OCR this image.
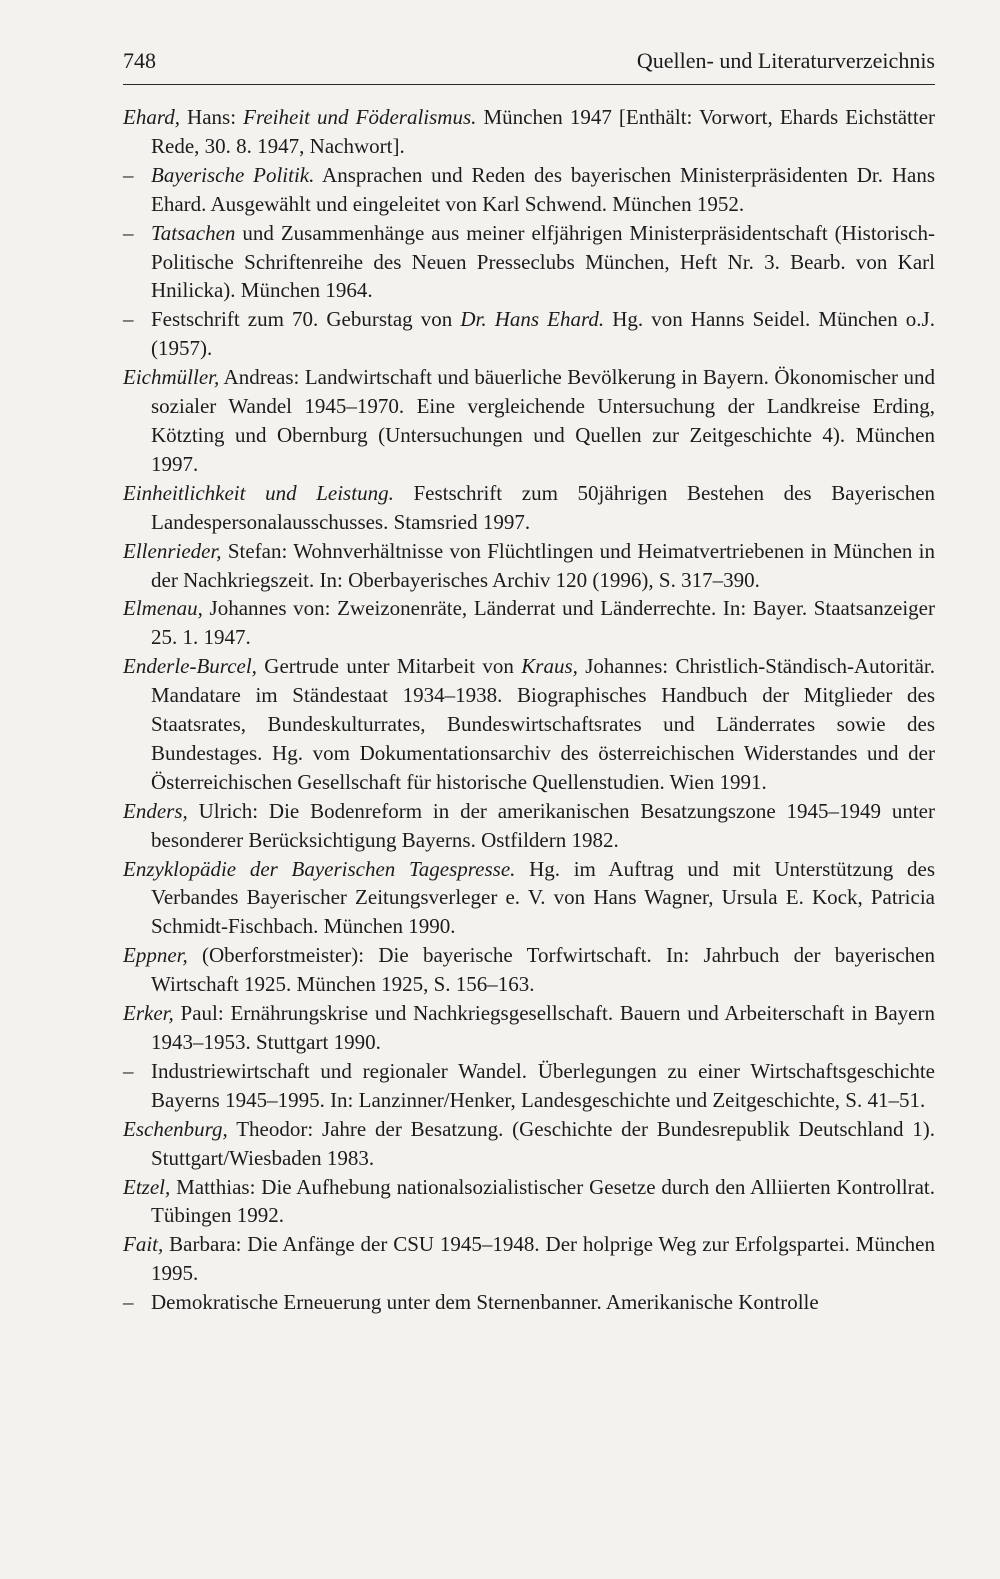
748	Quellen- und Literaturverzeichnis

Ehard, Hans: Freiheit und Föderalismus. München 1947 [Enthält: Vorwort, Ehards Eichstätter Rede, 30. 8. 1947, Nachwort].

– Bayerische Politik. Ansprachen und Reden des bayerischen Ministerpräsidenten Dr. Hans Ehard. Ausgewählt und eingeleitet von Karl Schwend. München 1952.

– Tatsachen und Zusammenhänge aus meiner elfjährigen Ministerpräsidentschaft (Historisch-Politische Schriftenreihe des Neuen Presseclubs München, Heft Nr. 3. Bearb. von Karl Hnilicka). München 1964.

– Festschrift zum 70. Geburstag von Dr. Hans Ehard. Hg. von Hanns Seidel. München o.J. (1957).

Eichmüller, Andreas: Landwirtschaft und bäuerliche Bevölkerung in Bayern. Ökonomischer und sozialer Wandel 1945–1970. Eine vergleichende Untersuchung der Landkreise Erding, Kötzting und Obernburg (Untersuchungen und Quellen zur Zeitgeschichte 4). München 1997.

Einheitlichkeit und Leistung. Festschrift zum 50jährigen Bestehen des Bayerischen Landespersonalausschusses. Stamsried 1997.

Ellenrieder, Stefan: Wohnverhältnisse von Flüchtlingen und Heimatvertriebenen in München in der Nachkriegszeit. In: Oberbayerisches Archiv 120 (1996), S. 317–390.

Elmenau, Johannes von: Zweizonenräte, Länderrat und Länderrechte. In: Bayer. Staatsanzeiger 25. 1. 1947.

Enderle-Burcel, Gertrude unter Mitarbeit von Kraus, Johannes: Christlich-Ständisch-Autoritär. Mandatare im Ständestaat 1934–1938. Biographisches Handbuch der Mitglieder des Staatsrates, Bundeskulturrates, Bundeswirtschaftsrates und Länderrates sowie des Bundestages. Hg. vom Dokumentationsarchiv des österreichischen Widerstandes und der Österreichischen Gesellschaft für historische Quellenstudien. Wien 1991.

Enders, Ulrich: Die Bodenreform in der amerikanischen Besatzungszone 1945–1949 unter besonderer Berücksichtigung Bayerns. Ostfildern 1982.

Enzyklopädie der Bayerischen Tagespresse. Hg. im Auftrag und mit Unterstützung des Verbandes Bayerischer Zeitungsverleger e. V. von Hans Wagner, Ursula E. Kock, Patricia Schmidt-Fischbach. München 1990.

Eppner, (Oberforstmeister): Die bayerische Torfwirtschaft. In: Jahrbuch der bayerischen Wirtschaft 1925. München 1925, S. 156–163.

Erker, Paul: Ernährungskrise und Nachkriegsgesellschaft. Bauern und Arbeiterschaft in Bayern 1943–1953. Stuttgart 1990.

– Industriewirtschaft und regionaler Wandel. Überlegungen zu einer Wirtschaftsgeschichte Bayerns 1945–1995. In: Lanzinner/Henker, Landesgeschichte und Zeitgeschichte, S. 41–51.

Eschenburg, Theodor: Jahre der Besatzung. (Geschichte der Bundesrepublik Deutschland 1). Stuttgart/Wiesbaden 1983.

Etzel, Matthias: Die Aufhebung nationalsozialistischer Gesetze durch den Alliierten Kontrollrat. Tübingen 1992.

Fait, Barbara: Die Anfänge der CSU 1945–1948. Der holprige Weg zur Erfolgspartei. München 1995.

– Demokratische Erneuerung unter dem Sternenbanner. Amerikanische Kontrolle
